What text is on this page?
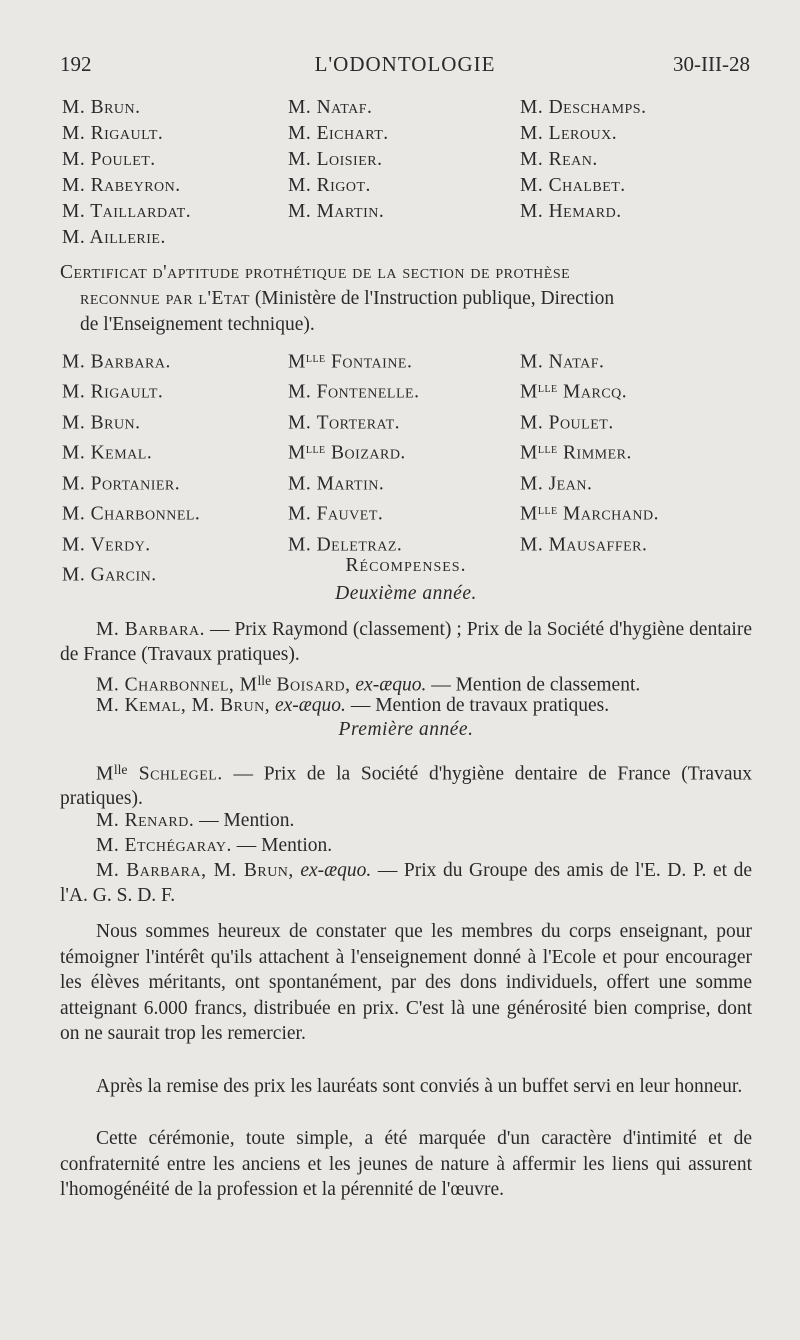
192	L'ODONTOLOGIE	30-III-28
M. Brun.	M. Nataf.	M. Deschamps.
M. Rigault.	M. Eichart.	M. Leroux.
M. Poulet.	M. Loisier.	M. Rean.
M. Rabeyron.	M. Rigot.	M. Chalbet.
M. Taillardat.	M. Martin.	M. Hemard.
M. Aillerie.
Certificat d'aptitude prothétique de la section de prothèse
reconnue par l'Etat (Ministère de l'Instruction publique, Direction
de l'Enseignement technique).
M. Barbara.	$M^{lle}$ Fontaine.	M. Nataf.
M. Rigault.	M. Fontenelle.	$M^{lle}$ Marcq.
M. Brun.	M. Torterat.	M. Poulet.
M. Kemal.	$M^{lle}$ Boizard.	$M^{lle}$ Rimmer.
M. Portanier.	M. Martin.	M. Jean.
M. Charbonnel.	M. Fauvet.	$M^{lle}$ Marchand.
M. Verdy.	M. Deletraz.	M. Mausaffer.
M. Garcin.	Récompenses.
Deuxième année.
M. Barbara. — Prix Raymond (classement) ; Prix de la Société d'hygiène dentaire de France (Travaux pratiques).
M. Charbonnel, $M^{lle}$ Boisard, ex-æquo. — Mention de classement.
M. Kemal, M. Brun, ex-æquo. — Mention de travaux pratiques.
Première année.
$M^{lle}$ Schlegel. — Prix de la Société d'hygiène dentaire de France (Travaux pratiques).
M. Renard. — Mention.
M. Etchégaray. — Mention.
M. Barbara, M. Brun, ex-æquo. — Prix du Groupe des amis de l'E. D. P. et de l'A. G. S. D. F.
Nous sommes heureux de constater que les membres du corps enseignant, pour témoigner l'intérêt qu'ils attachent à l'enseignement donné à l'Ecole et pour encourager les élèves méritants, ont spontanément, par des dons individuels, offert une somme atteignant 6.000 francs, distribuée en prix. C'est là une générosité bien comprise, dont on ne saurait trop les remercier.
Après la remise des prix les lauréats sont conviés à un buffet servi en leur honneur.
Cette cérémonie, toute simple, a été marquée d'un caractère d'intimité et de confraternité entre les anciens et les jeunes de nature à affermir les liens qui assurent l'homogénéité de la profession et la pérennité de l'œuvre.
